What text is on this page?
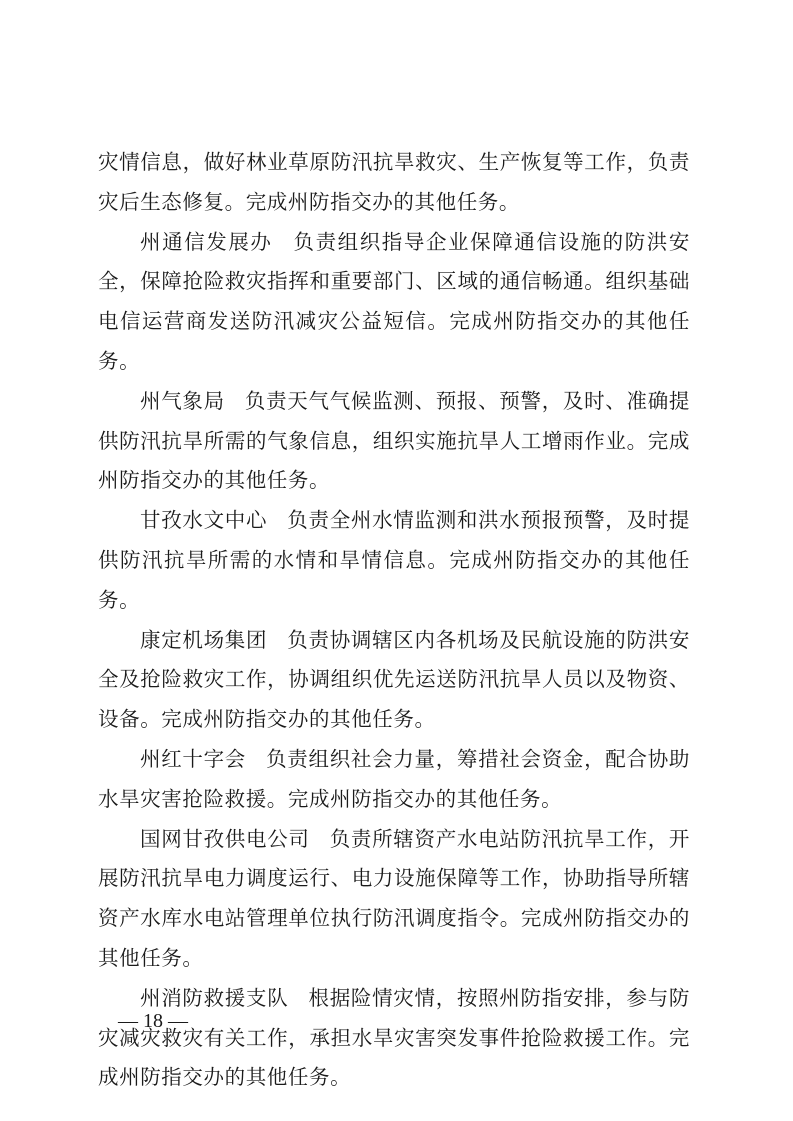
灾情信息，做好林业草原防汛抗旱救灾、生产恢复等工作，负责灾后生态修复。完成州防指交办的其他任务。

州通信发展办 负责组织指导企业保障通信设施的防洪安全，保障抢险救灾指挥和重要部门、区域的通信畅通。组织基础电信运营商发送防汛减灾公益短信。完成州防指交办的其他任务。

州气象局 负责天气气候监测、预报、预警，及时、准确提供防汛抗旱所需的气象信息，组织实施抗旱人工增雨作业。完成州防指交办的其他任务。

甘孜水文中心 负责全州水情监测和洪水预报预警，及时提供防汛抗旱所需的水情和旱情信息。完成州防指交办的其他任务。

康定机场集团 负责协调辖区内各机场及民航设施的防洪安全及抢险救灾工作，协调组织优先运送防汛抗旱人员以及物资、设备。完成州防指交办的其他任务。

州红十字会 负责组织社会力量，筹措社会资金，配合协助水旱灾害抢险救援。完成州防指交办的其他任务。

国网甘孜供电公司 负责所辖资产水电站防汛抗旱工作，开展防汛抗旱电力调度运行、电力设施保障等工作，协助指导所辖资产水库水电站管理单位执行防汛调度指令。完成州防指交办的其他任务。

州消防救援支队 根据险情灾情，按照州防指安排，参与防灾减灾救灾有关工作，承担水旱灾害突发事件抢险救援工作。完成州防指交办的其他任务。

— 18 —
